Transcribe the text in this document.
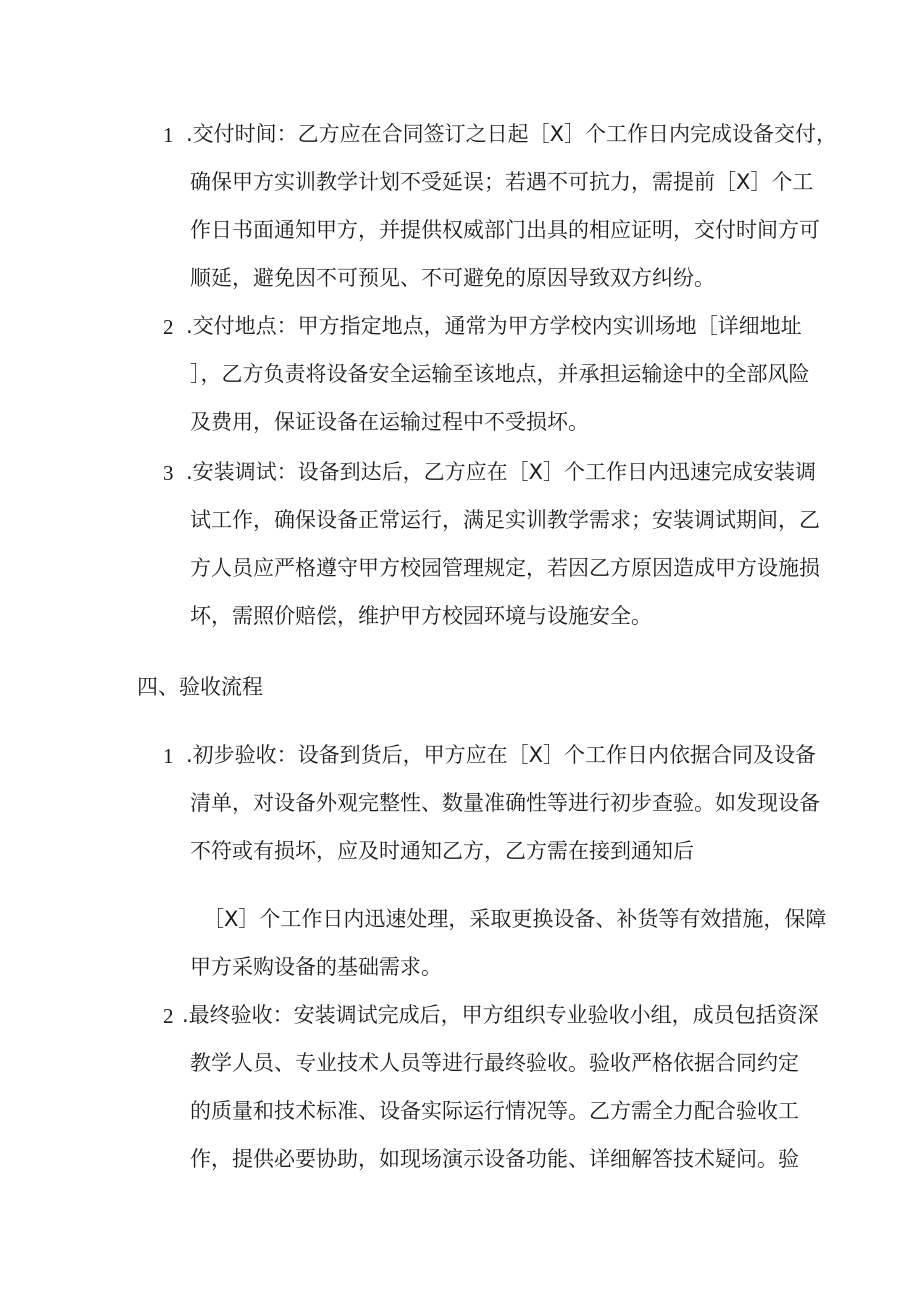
1 .交付时间：乙方应在合同签订之日起［X］个工作日内完成设备交付，
确保甲方实训教学计划不受延误；若遇不可抗力，需提前［X］个工
作日书面通知甲方，并提供权威部门出具的相应证明，交付时间方可
顺延，避免因不可预见、不可避免的原因导致双方纠纷。
2 .交付地点：甲方指定地点，通常为甲方学校内实训场地［详细地址
］，乙方负责将设备安全运输至该地点，并承担运输途中的全部风险
及费用，保证设备在运输过程中不受损坏。
3 .安装调试：设备到达后，乙方应在［X］个工作日内迅速完成安装调
试工作，确保设备正常运行，满足实训教学需求；安装调试期间，乙
方人员应严格遵守甲方校园管理规定，若因乙方原因造成甲方设施损
坏，需照价赔偿，维护甲方校园环境与设施安全。
四、验收流程
1 .初步验收：设备到货后，甲方应在［X］个工作日内依据合同及设备
清单，对设备外观完整性、数量准确性等进行初步查验。如发现设备
不符或有损坏，应及时通知乙方，乙方需在接到通知后
［X］个工作日内迅速处理，采取更换设备、补货等有效措施，保障
甲方采购设备的基础需求。
2 .最终验收：安装调试完成后，甲方组织专业验收小组，成员包括资深
教学人员、专业技术人员等进行最终验收。验收严格依据合同约定
的质量和技术标准、设备实际运行情况等。乙方需全力配合验收工
作，提供必要协助，如现场演示设备功能、详细解答技术疑问。验
